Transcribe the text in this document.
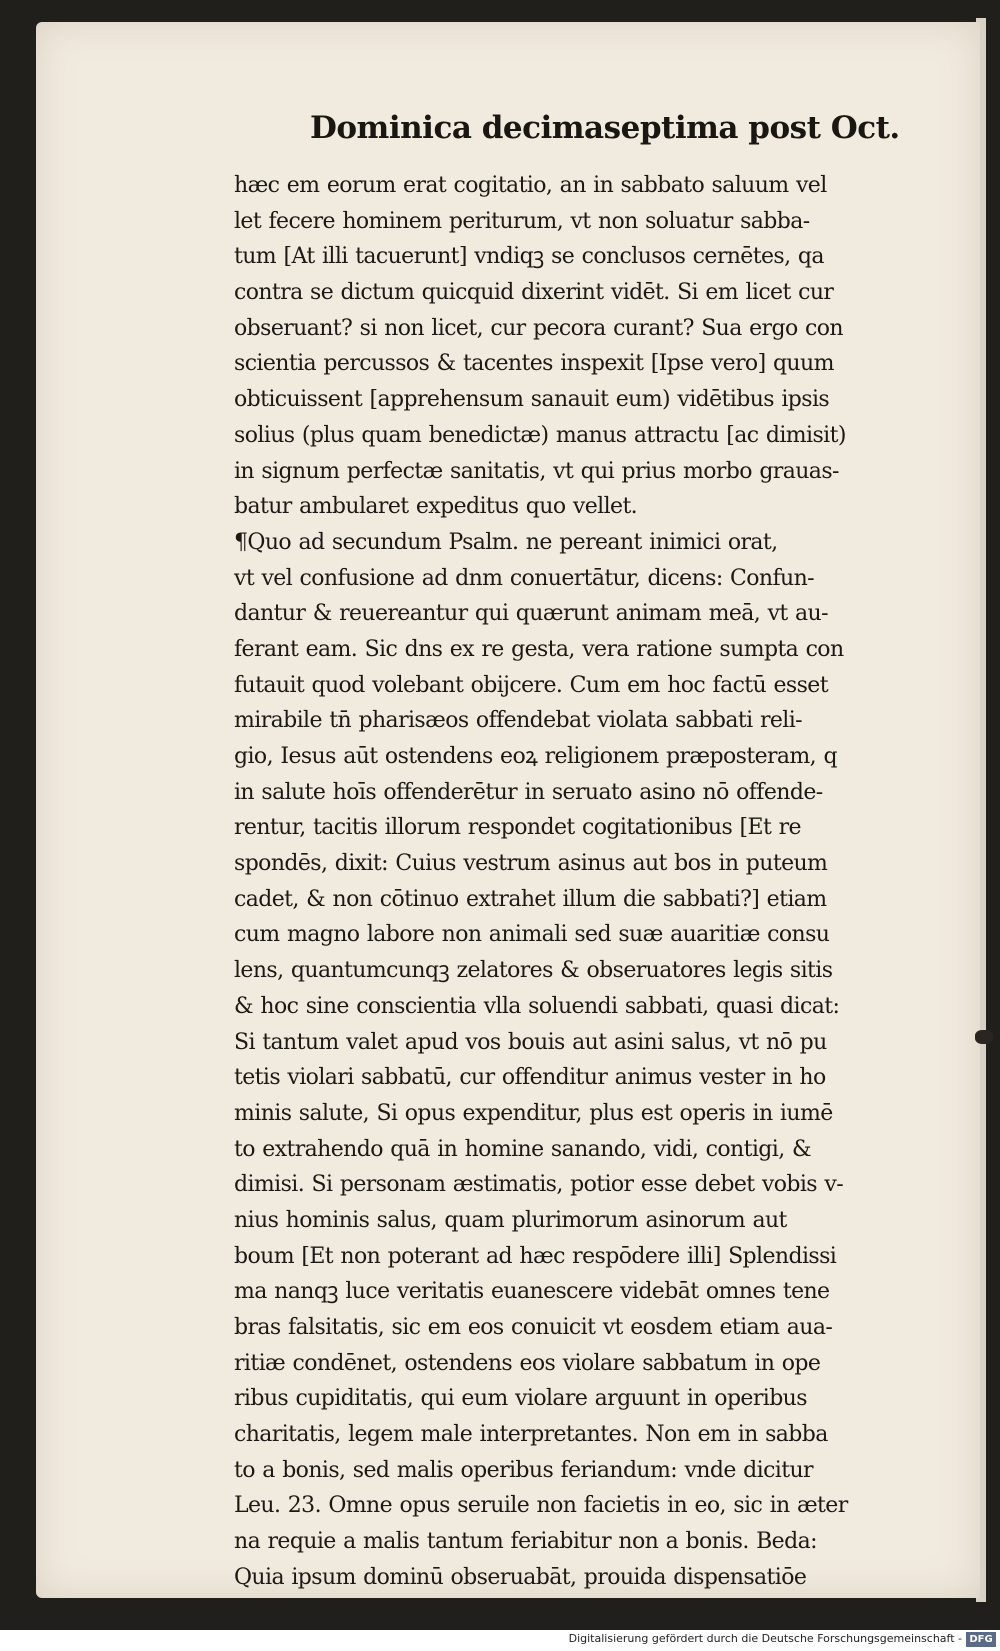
Dominica decimaseptima post Oct.
hæc em eorum erat cogitatio, an in sabbato saluum vel
let fecere hominem periturum, vt non soluatur sabba-
tum [At illi tacuerunt] vndiqꝫ se conclusos cernētes, qa
contra se dictum quicquid dixerint vidēt. Si em licet cur
obseruant? si non licet, cur pecora curant? Sua ergo con
scientia percussos & tacentes inspexit [Ipse vero] quum
obticuissent [apprehensum sanauit eum) vidētibus ipsis
solius (plus quam benedictæ) manus attractu [ac dimisit)
in signum perfectæ sanitatis, vt qui prius morbo grauas-
batur ambularet expeditus quo vellet.
¶Quo ad secundum Psalm. ne pereant inimici orat,
vt vel confusione ad dnm conuertātur, dicens: Confun-
dantur & reuereantur qui quærunt animam meā, vt au-
ferant eam. Sic dns ex re gesta, vera ratione sumpta con
futauit quod volebant obijcere. Cum em hoc factū esset
mirabile tn̄ pharisæos offendebat violata sabbati reli-
gio, Iesus aūt ostendens eoꝝ religionem præposteram, q
in salute hoīs offenderētur in seruato asino nō offende-
rentur, tacitis illorum respondet cogitationibus [Et re
spondēs, dixit: Cuius vestrum asinus aut bos in puteum
cadet, & non cōtinuo extrahet illum die sabbati?] etiam
cum magno labore non animali sed suæ auaritiæ consu
lens, quantumcunqꝫ zelatores & obseruatores legis sitis
& hoc sine conscientia vlla soluendi sabbati, quasi dicat:
Si tantum valet apud vos bouis aut asini salus, vt nō pu
tetis violari sabbatū, cur offenditur animus vester in ho
minis salute, Si opus expenditur, plus est operis in iumē
to extrahendo quā in homine sanando, vidi, contigi, &
dimisi. Si personam æstimatis, potior esse debet vobis v-
nius hominis salus, quam plurimorum asinorum aut
boum [Et non poterant ad hæc respōdere illi] Splendissi
ma nanqꝫ luce veritatis euanescere videbāt omnes tene
bras falsitatis, sic em eos conuicit vt eosdem etiam aua-
ritiæ condēnet, ostendens eos violare sabbatum in ope
ribus cupiditatis, qui eum violare arguunt in operibus
charitatis, legem male interpretantes. Non em in sabba
to a bonis, sed malis operibus feriandum: vnde dicitur
Leu. 23. Omne opus seruile non facietis in eo, sic in æter
na requie a malis tantum feriabitur non a bonis. Beda:
Quia ipsum dominū obseruabāt, prouida dispensatiōe
Digitalisierung gefördert durch die Deutsche Forschungsgemeinschaft - DFG
